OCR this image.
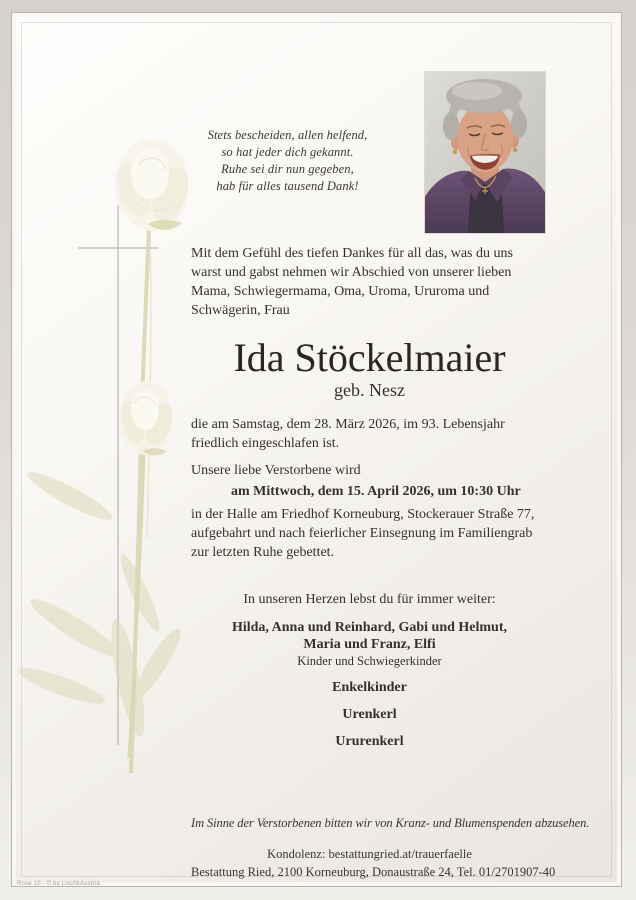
Stets bescheiden, allen helfend,
so hat jeder dich gekannt.
Ruhe sei dir nun gegeben,
hab für alles tausend Dank!

Mit dem Gefühl des tiefen Dankes für all das, was du uns
warst und gabst nehmen wir Abschied von unserer lieben
Mama, Schwiegermama, Oma, Uroma, Ururoma und
Schwägerin, Frau

Ida Stöckelmaier
geb. Nesz

die am Samstag, dem 28. März 2026, im 93. Lebensjahr
friedlich eingeschlafen ist.

Unsere liebe Verstorbene wird
am Mittwoch, dem 15. April 2026, um 10:30 Uhr

in der Halle am Friedhof Korneuburg, Stockerauer Straße 77,
aufgebahrt und nach feierlicher Einsegnung im Familiengrab
zur letzten Ruhe gebettet.

In unseren Herzen lebst du für immer weiter:
Hilda, Anna und Reinhard, Gabi und Helmut,
Maria und Franz, Elfi
Kinder und Schwiegerkinder
Enkelkinder
Urenkerl
Ururenkerl
Im Sinne der Verstorbenen bitten wir von Kranz- und Blumenspenden abzusehen.
Kondolenz: bestattungried.at/trauerfaelle
Bestattung Ried, 2100 Korneuburg, Donaustraße 24, Tel. 01/2701907-40
Rose 10 - © by LischkAustria
